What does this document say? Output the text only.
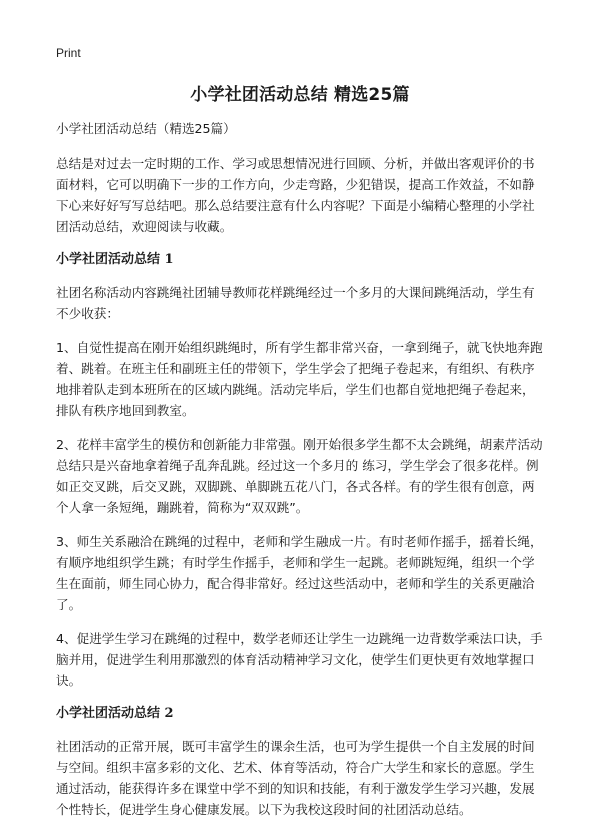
Print
小学社团活动总结 精选25篇

小学社团活动总结（精选25篇）

总结是对过去一定时期的工作、学习或思想情况进行回顾、分析，并做出客观评价的书面材料，它可以明确下一步的工作方向，少走弯路，少犯错误，提高工作效益，不如静下心来好好写写总结吧。那么总结要注意有什么内容呢？下面是小编精心整理的小学社团活动总结，欢迎阅读与收藏。

小学社团活动总结 1

社团名称活动内容跳绳社团辅导教师花样跳绳经过一个多月的大课间跳绳活动，学生有不少收获：

1、自觉性提高在刚开始组织跳绳时，所有学生都非常兴奋，一拿到绳子，就飞快地奔跑着、跳着。在班主任和副班主任的带领下，学生学会了把绳子卷起来，有组织、有秩序地排着队走到本班所在的区域内跳绳。活动完毕后，学生们也都自觉地把绳子卷起来，排队有秩序地回到教室。

2、花样丰富学生的模仿和创新能力非常强。刚开始很多学生都不太会跳绳，胡素芹活动总结只是兴奋地拿着绳子乱奔乱跳。经过这一个多月的 练习，学生学会了很多花样。例如正交叉跳，后交叉跳，双脚跳、单脚跳五花八门，各式各样。有的学生很有创意，两个人拿一条短绳，蹦跳着，简称为“双双跳”。

3、师生关系融洽在跳绳的过程中，老师和学生融成一片。有时老师作摇手，摇着长绳，有顺序地组织学生跳；有时学生作摇手，老师和学生一起跳。老师跳短绳，组织一个学生在面前，师生同心协力，配合得非常好。经过这些活动中，老师和学生的关系更融洽了。

4、促进学生学习在跳绳的过程中，数学老师还让学生一边跳绳一边背数学乘法口诀，手脑并用，促进学生利用那激烈的体育活动精神学习文化，使学生们更快更有效地掌握口诀。

小学社团活动总结 2

社团活动的正常开展，既可丰富学生的课余生活，也可为学生提供一个自主发展的时间与空间。组织丰富多彩的文化、艺术、体育等活动，符合广大学生和家长的意愿。学生通过活动，能获得许多在课堂中学不到的知识和技能，有利于激发学生学习兴趣，发展个性特长，促进学生身心健康发展。以下为我校这段时间的社团活动总结。
